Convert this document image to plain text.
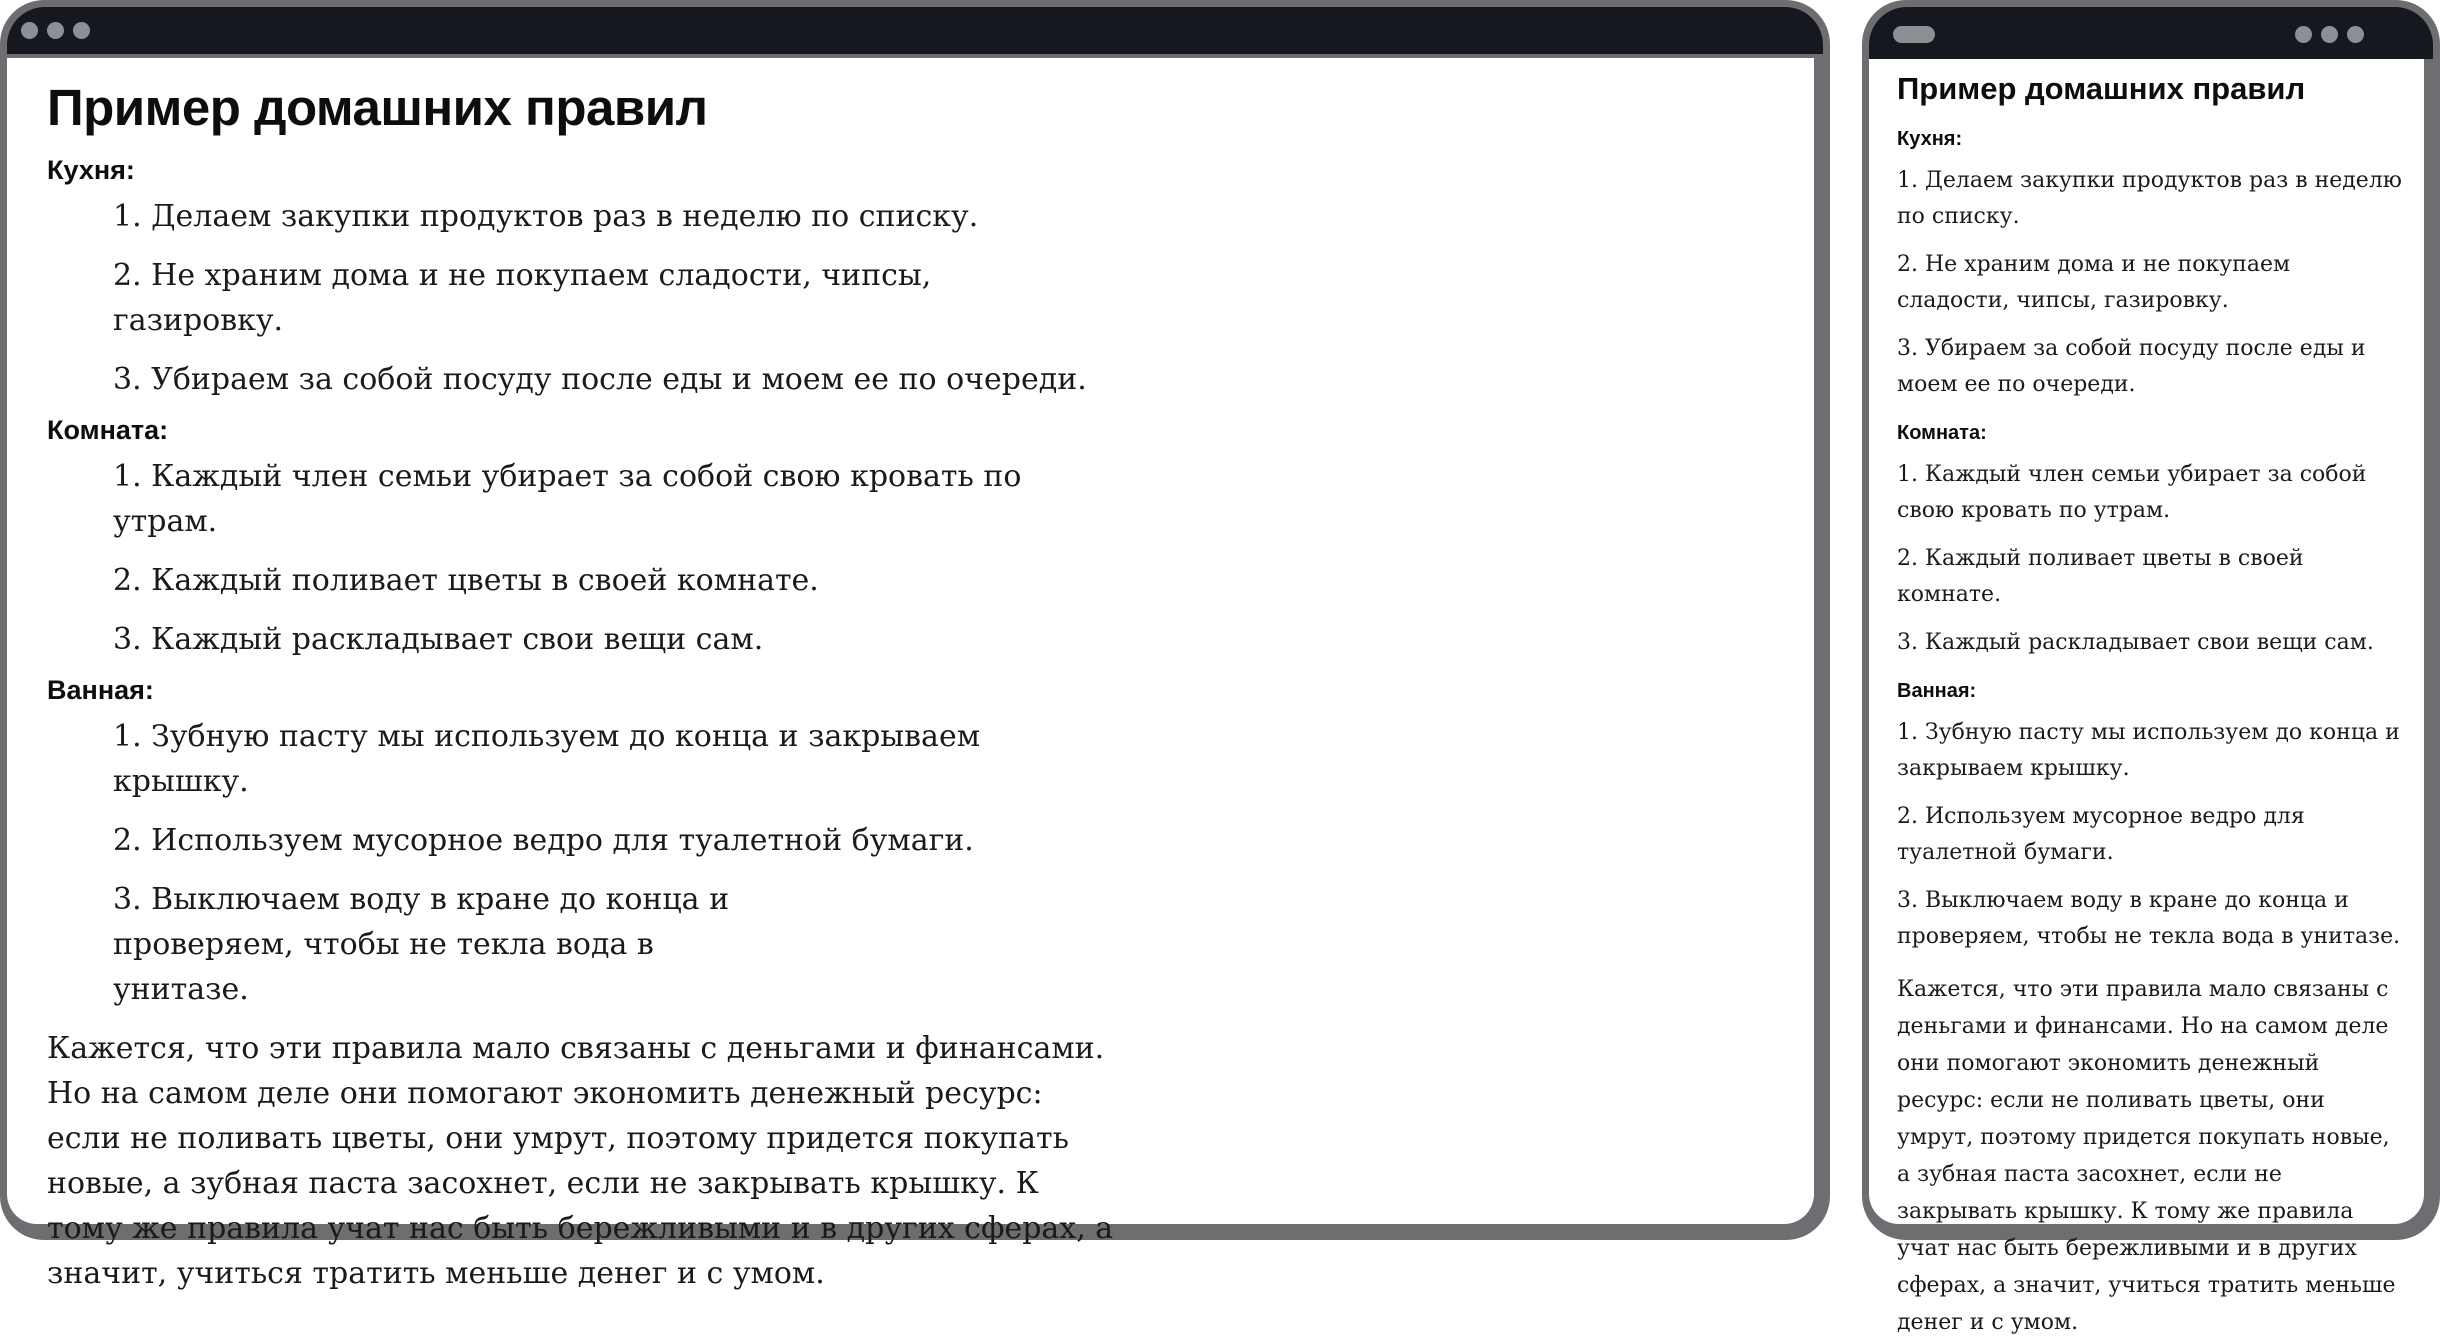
Пример домашних правил
Кухня:
1. Делаем закупки продуктов раз в неделю по списку.
2. Не храним дома и не покупаем сладости, чипсы, газировку.
3. Убираем за собой посуду после еды и моем ее по очереди.
Комната:
1. Каждый член семьи убирает за собой свою кровать по утрам.
2. Каждый поливает цветы в своей комнате.
3. Каждый раскладывает свои вещи сам.
Ванная:
1. Зубную пасту мы используем до конца и закрываем крышку.
2. Используем мусорное ведро для туалетной бумаги.
3. Выключаем воду в кране до конца и проверяем, чтобы не текла вода в унитазе.

Кажется, что эти правила мало связаны с деньгами и финансами. Но на самом деле они помогают экономить денежный ресурс: если не поливать цветы, они умрут, поэтому придется покупать новые, а зубная паста засохнет, если не закрывать крышку. К тому же правила учат нас быть бережливыми и в других сферах, а значит, учиться тратить меньше денег и с умом.

Пример домашних правил
Кухня:
1. Делаем закупки продуктов раз в неделю по списку.
2. Не храним дома и не покупаем сладости, чипсы, газировку.
3. Убираем за собой посуду после еды и моем ее по очереди.
Комната:
1. Каждый член семьи убирает за собой свою кровать по утрам.
2. Каждый поливает цветы в своей комнате.
3. Каждый раскладывает свои вещи сам.
Ванная:
1. Зубную пасту мы используем до конца и закрываем крышку.
2. Используем мусорное ведро для туалетной бумаги.
3. Выключаем воду в кране до конца и проверяем, чтобы не текла вода в унитазе.

Кажется, что эти правила мало связаны с деньгами и финансами. Но на самом деле они помогают экономить денежный ресурс: если не поливать цветы, они умрут, поэтому придется покупать новые, а зубная паста засохнет, если не закрывать крышку. К тому же правила учат нас быть бережливыми и в других сферах, а значит, учиться тратить меньше денег и с умом.
